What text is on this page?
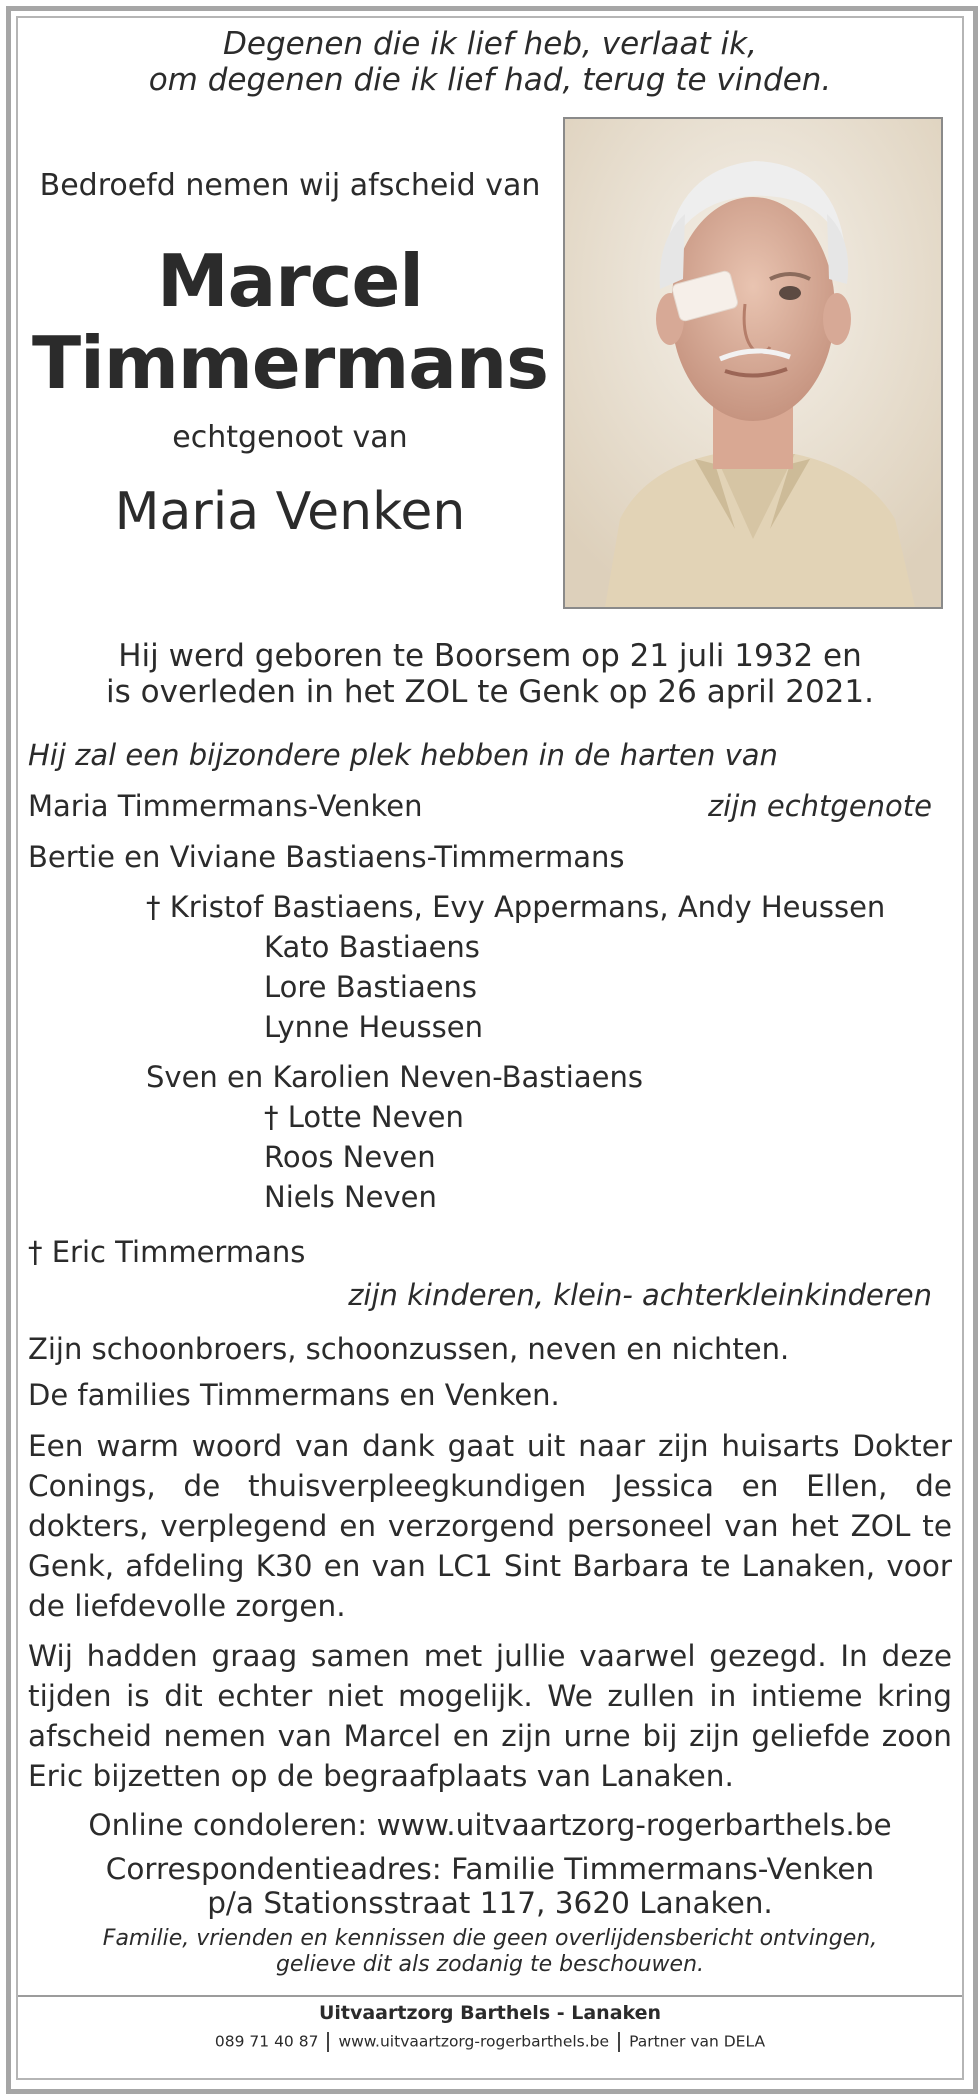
Degenen die ik lief heb, verlaat ik,
om degenen die ik lief had, terug te vinden.
Bedroefd nemen wij afscheid van
Marcel
Timmermans
echtgenoot van
Maria Venken
Hij werd geboren te Boorsem op 21 juli 1932 en
is overleden in het ZOL te Genk op 26 april 2021.
Hij zal een bijzondere plek hebben in de harten van
Maria Timmermans-Venken	zijn echtgenote
Bertie en Viviane Bastiaens-Timmermans
† Kristof Bastiaens, Evy Appermans, Andy Heussen
Kato Bastiaens
Lore Bastiaens
Lynne Heussen
Sven en Karolien Neven-Bastiaens
† Lotte Neven
Roos Neven
Niels Neven
† Eric Timmermans
zijn kinderen, klein- achterkleinkinderen
Zijn schoonbroers, schoonzussen, neven en nichten.
De families Timmermans en Venken.
Een warm woord van dank gaat uit naar zijn huisarts Dokter Conings, de thuisverpleegkundigen Jessica en Ellen, de dokters, verplegend en verzorgend personeel van het ZOL te Genk, afdeling K30 en van LC1 Sint Barbara te Lanaken, voor de liefdevolle zorgen.
Wij hadden graag samen met jullie vaarwel gezegd. In deze tijden is dit echter niet mogelijk. We zullen in intieme kring afscheid nemen van Marcel en zijn urne bij zijn geliefde zoon Eric bijzetten op de begraafplaats van Lanaken.
Online condoleren: www.uitvaartzorg-rogerbarthels.be
Correspondentieadres: Familie Timmermans-Venken
p/a Stationsstraat 117, 3620 Lanaken.
Familie, vrienden en kennissen die geen overlijdensbericht ontvingen,
gelieve dit als zodanig te beschouwen.
Uitvaartzorg Barthels - Lanaken
089 71 40 87 www.uitvaartzorg-rogerbarthels.be Partner van DELA
